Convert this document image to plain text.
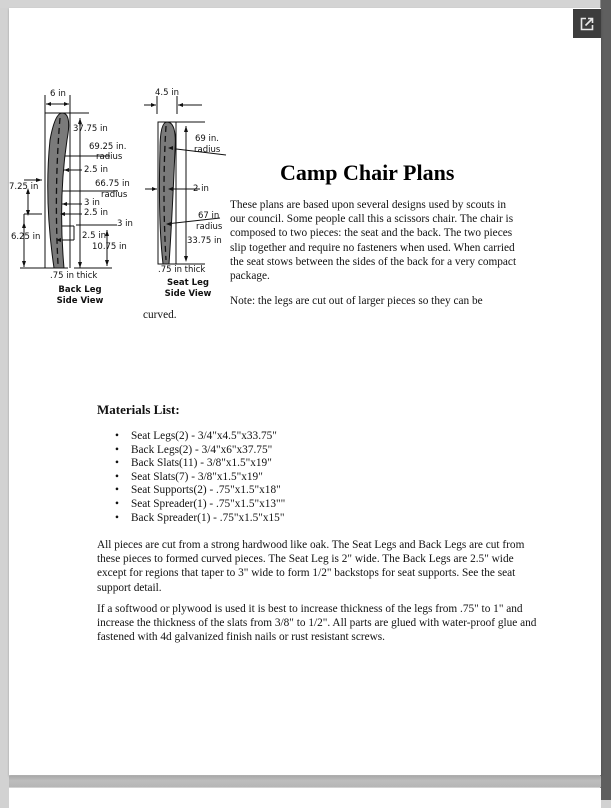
6 in
37.75 in
69.25 in.
radius
2.5 in
66.75 in
7.25 in
radius
3 in
2.5 in
3 in
6.25 in	2.5 in
10.75 in
.75 in thick
Back Leg
Side View
4.5 in
69 in.
radius
2 in
67 in
radius
33.75 in
.75 in thick
Seat Leg
Side View
Camp Chair Plans
These plans are based upon several designs used by scouts in our council. Some people call this a scissors chair. The chair is composed to two pieces: the seat and the back. The two pieces slip together and require no fasteners when used. When carried the seat stows between the sides of the back for a very compact package.
Note: the legs are cut out of larger pieces so they can be
curved.
Materials List:
• Seat Legs(2) - 3/4"x4.5"x33.75"
• Back Legs(2) - 3/4"x6"x37.75"
• Back Slats(11) - 3/8"x1.5"x19"
• Seat Slats(7) - 3/8"x1.5"x19"
• Seat Supports(2) - .75"x1.5"x18"
• Seat Spreader(1) - .75"x1.5"x13""
• Back Spreader(1) - .75"x1.5"x15"
All pieces are cut from a strong hardwood like oak. The Seat Legs and Back Legs are cut from these pieces to formed curved pieces. The Seat Leg is 2" wide. The Back Legs are 2.5" wide except for regions that taper to 3" wide to form 1/2" backstops for seat supports. See the seat support detail.
If a softwood or plywood is used it is best to increase thickness of the legs from .75" to 1" and increase the thickness of the slats from 3/8" to 1/2". All parts are glued with water-proof glue and fastened with 4d galvanized finish nails or rust resistant screws.
